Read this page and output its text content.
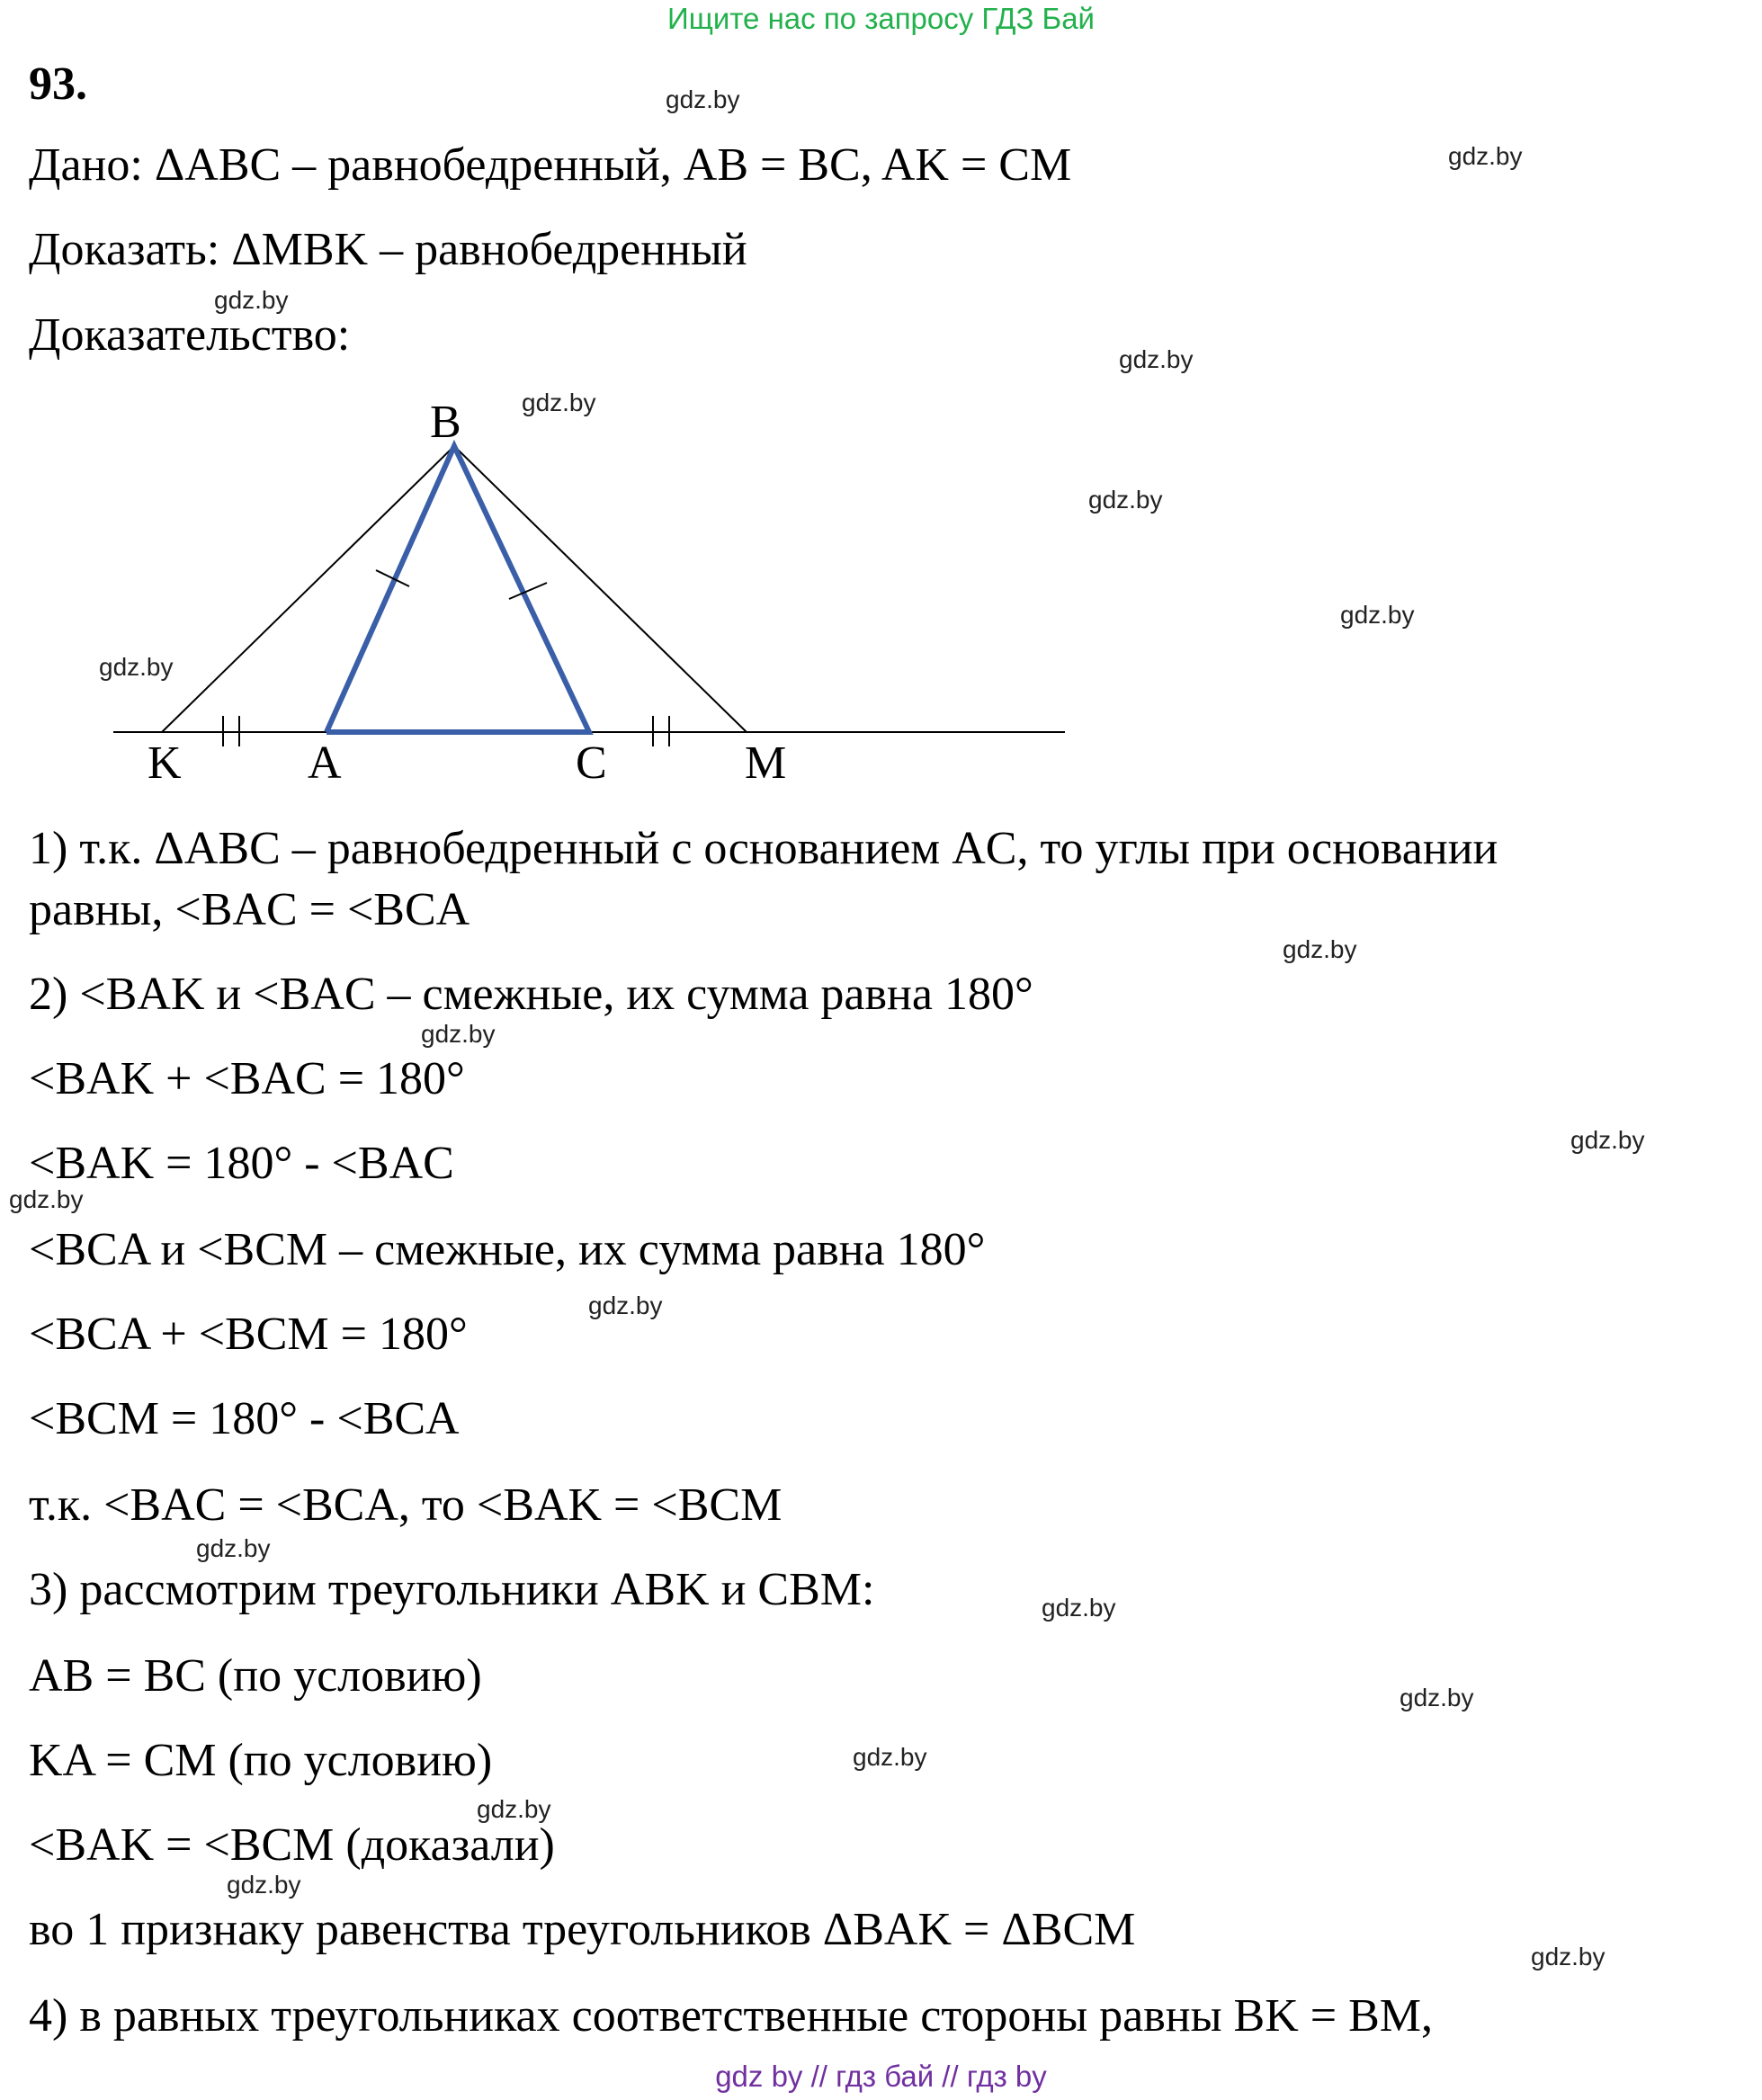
Ищите нас по запросу ГДЗ Бай
93.
Дано: ΔABC – равнобедренный, AB = BC, AK = CM
Доказать: ΔMBK – равнобедренный
Доказательство:
B
K	A	C	M
1) т.к. ΔABC – равнобедренный с основанием AC, то углы при основании
равны, <BAC = <BCA
2) <BAK и <BAC – смежные, их сумма равна 180°
<BAK + <BAC = 180°
<BAK = 180° - <BAC
<BCA и <BCM – смежные, их сумма равна 180°
<BCA + <BCM = 180°
<BCM = 180° - <BCA
т.к. <BAC = <BCA, то <BAK = <BCM
3) рассмотрим треугольники ABK и CBM:
AB = BC (по условию)
KA = CM (по условию)
<BAK = <BCM (доказали)
во 1 признаку равенства треугольников ΔBAK = ΔBCM
4) в равных треугольниках соответственные стороны равны BK = BM,
gdz.by
gdz.by
gdz.by
gdz.by
gdz.by
gdz.by
gdz.by
gdz.by
gdz.by
gdz.by
gdz.by
gdz.by
gdz.by
gdz.by
gdz.by
gdz.by
gdz.by
gdz.by
gdz.by
gdz.by
gdz by // гдз бай // гдз by
